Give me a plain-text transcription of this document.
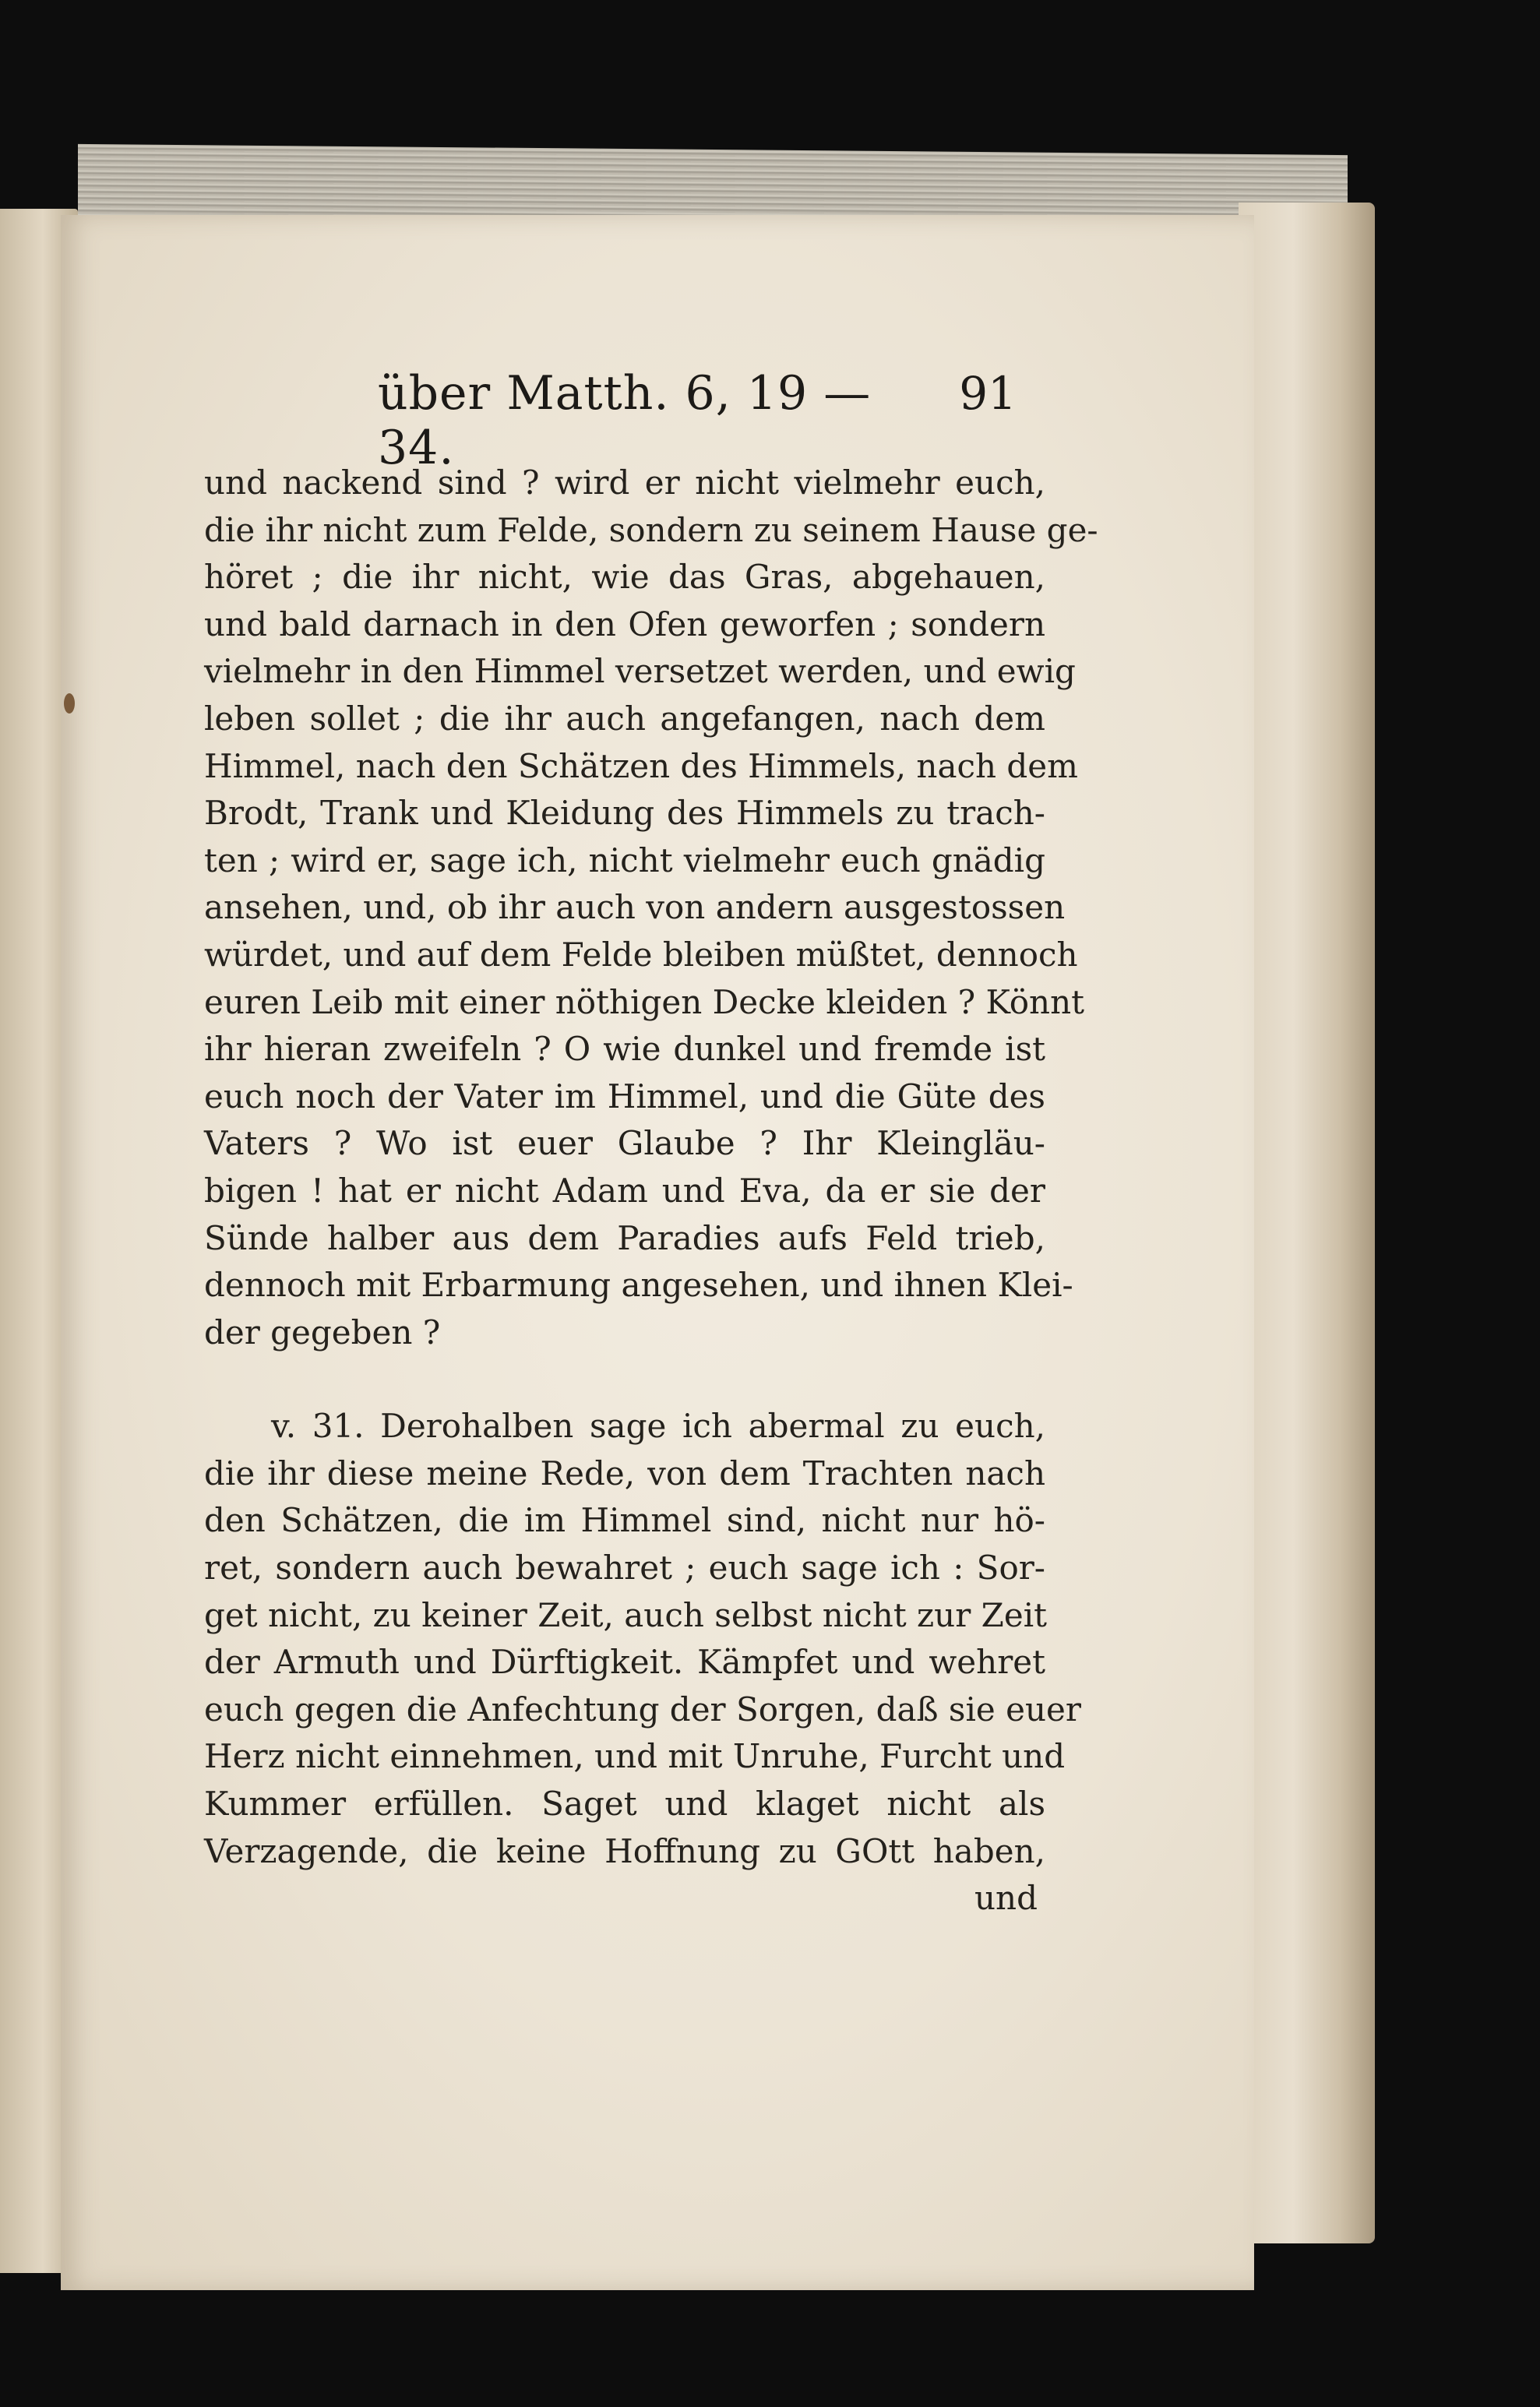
über Matth. 6, 19 — 34.
91
und nackend sind ? wird er nicht vielmehr euch,
die ihr nicht zum Felde, sondern zu seinem Hause ge-
höret ; die ihr nicht, wie das Gras, abgehauen,
und bald darnach in den Ofen geworfen ; sondern
vielmehr in den Himmel versetzet werden, und ewig
leben sollet ; die ihr auch angefangen, nach dem
Himmel, nach den Schätzen des Himmels, nach dem
Brodt, Trank und Kleidung des Himmels zu trach-
ten ; wird er, sage ich, nicht vielmehr euch gnädig
ansehen, und, ob ihr auch von andern ausgestossen
würdet, und auf dem Felde bleiben müßtet, dennoch
euren Leib mit einer nöthigen Decke kleiden ? Könnt
ihr hieran zweifeln ? O wie dunkel und fremde ist
euch noch der Vater im Himmel, und die Güte des
Vaters ? Wo ist euer Glaube ? Ihr Kleingläu-
bigen ! hat er nicht Adam und Eva, da er sie der
Sünde halber aus dem Paradies aufs Feld trieb,
dennoch mit Erbarmung angesehen, und ihnen Klei-
der gegeben ?
v. 31. Derohalben sage ich abermal zu euch,
die ihr diese meine Rede, von dem Trachten nach
den Schätzen, die im Himmel sind, nicht nur hö-
ret, sondern auch bewahret ; euch sage ich : Sor-
get nicht, zu keiner Zeit, auch selbst nicht zur Zeit
der Armuth und Dürftigkeit. Kämpfet und wehret
euch gegen die Anfechtung der Sorgen, daß sie euer
Herz nicht einnehmen, und mit Unruhe, Furcht und
Kummer erfüllen. Saget und klaget nicht als
Verzagende, die keine Hoffnung zu GOtt haben,
und
